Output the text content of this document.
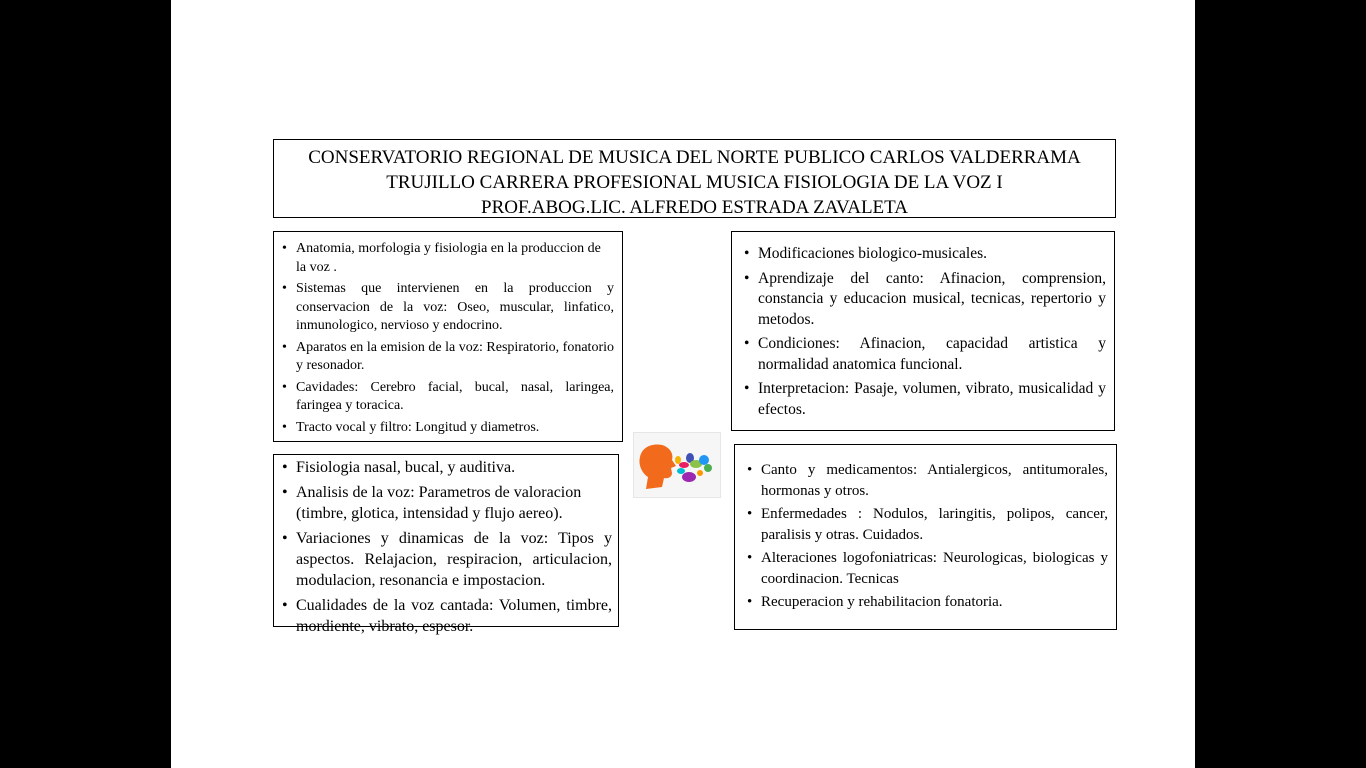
CONSERVATORIO REGIONAL DE MUSICA DEL NORTE PUBLICO CARLOS VALDERRAMA
TRUJILLO CARRERA PROFESIONAL MUSICA FISIOLOGIA DE LA VOZ I
PROF.ABOG.LIC. ALFREDO ESTRADA ZAVALETA
• Anatomia, morfologia y fisiologia en la produccion de la voz .
• Sistemas que intervienen en la produccion y conservacion de la voz: Oseo, muscular, linfatico, inmunologico, nervioso y endocrino.
• Aparatos en la emision de la voz: Respiratorio, fonatorio y resonador.
• Cavidades: Cerebro facial, bucal, nasal, laringea, faringea y toracica.
• Tracto vocal y filtro: Longitud y diametros.
• Fisiologia nasal, bucal, y auditiva.
• Analisis de la voz: Parametros de valoracion (timbre, glotica, intensidad y flujo aereo).
• Variaciones y dinamicas de la voz: Tipos y aspectos. Relajacion, respiracion, articulacion, modulacion, resonancia e impostacion.
• Cualidades de la voz cantada: Volumen, timbre, mordiente, vibrato, espesor.
• Modificaciones biologico-musicales.
• Aprendizaje del canto: Afinacion, comprension, constancia y educacion musical, tecnicas, repertorio y metodos.
• Condiciones: Afinacion, capacidad artistica y normalidad anatomica funcional.
• Interpretacion: Pasaje, volumen, vibrato, musicalidad y efectos.
• Canto y medicamentos: Antialergicos, antitumorales, hormonas y otros.
• Enfermedades : Nodulos, laringitis, polipos, cancer, paralisis y otras. Cuidados.
• Alteraciones logofoniatricas: Neurologicas, biologicas y coordinacion. Tecnicas
• Recuperacion y rehabilitacion fonatoria.
